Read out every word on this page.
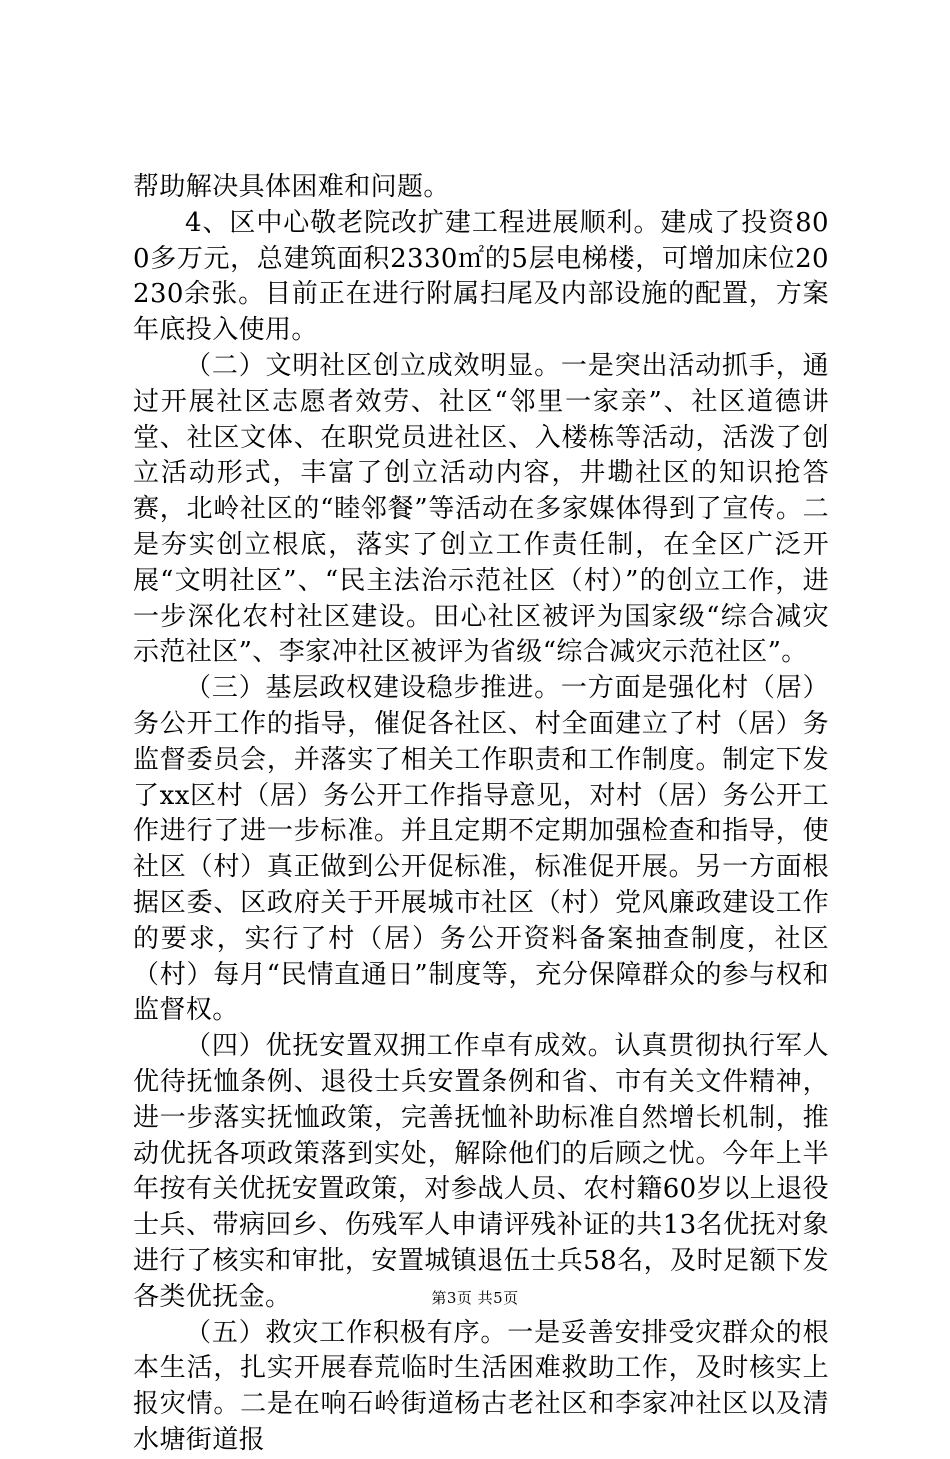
帮助解决具体困难和问题。

4、区中心敬老院改扩建工程进展顺利。建成了投资800多万元，总建筑面积2330㎡的5层电梯楼，可增加床位20230余张。目前正在进行附属扫尾及内部设施的配置，方案年底投入使用。

（二）文明社区创立成效明显。一是突出活动抓手，通过开展社区志愿者效劳、社区“邻里一家亲”、社区道德讲堂、社区文体、在职党员进社区、入楼栋等活动，活泼了创立活动形式，丰富了创立活动内容，井墈社区的知识抢答赛，北岭社区的“睦邻餐”等活动在多家媒体得到了宣传。二是夯实创立根底，落实了创立工作责任制，在全区广泛开展“文明社区”、“民主法治示范社区（村）”的创立工作，进一步深化农村社区建设。田心社区被评为国家级“综合减灾示范社区”、李家冲社区被评为省级“综合减灾示范社区”。

（三）基层政权建设稳步推进。一方面是强化村（居）务公开工作的指导，催促各社区、村全面建立了村（居）务监督委员会，并落实了相关工作职责和工作制度。制定下发了xx区村（居）务公开工作指导意见，对村（居）务公开工作进行了进一步标准。并且定期不定期加强检查和指导，使社区（村）真正做到公开促标准，标准促开展。另一方面根据区委、区政府关于开展城市社区（村）党风廉政建设工作的要求，实行了村（居）务公开资料备案抽查制度，社区（村）每月“民情直通日”制度等，充分保障群众的参与权和监督权。

（四）优抚安置双拥工作卓有成效。认真贯彻执行军人优待抚恤条例、退役士兵安置条例和省、市有关文件精神，进一步落实抚恤政策，完善抚恤补助标准自然增长机制，推动优抚各项政策落到实处，解除他们的后顾之忧。今年上半年按有关优抚安置政策，对参战人员、农村籍60岁以上退役士兵、带病回乡、伤残军人申请评残补证的共13名优抚对象进行了核实和审批，安置城镇退伍士兵58名，及时足额下发各类优抚金。

（五）救灾工作积极有序。一是妥善安排受灾群众的根本生活，扎实开展春荒临时生活困难救助工作，及时核实上报灾情。二是在响石岭街道杨古老社区和李家冲社区以及清水塘街道报

第3页 共5页
